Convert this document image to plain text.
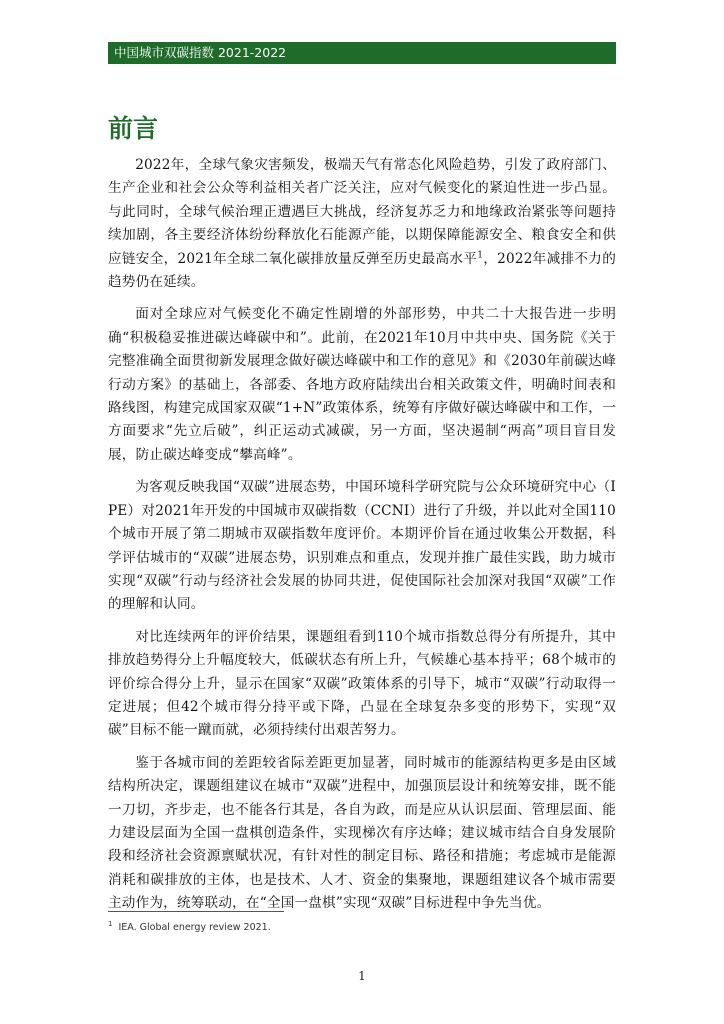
中国城市双碳指数 2021-2022
前言

2022年，全球气象灾害频发，极端天气有常态化风险趋势，引发了政府部门、生产企业和社会公众等利益相关者广泛关注，应对气候变化的紧迫性进一步凸显。与此同时，全球气候治理正遭遇巨大挑战，经济复苏乏力和地缘政治紧张等问题持续加剧，各主要经济体纷纷释放化石能源产能，以期保障能源安全、粮食安全和供应链安全，2021年全球二氧化碳排放量反弹至历史最高水平$^1$，2022年减排不力的趋势仍在延续。

面对全球应对气候变化不确定性剧增的外部形势，中共二十大报告进一步明确“积极稳妥推进碳达峰碳中和”。此前，在2021年10月中共中央、国务院《关于完整准确全面贯彻新发展理念做好碳达峰碳中和工作的意见》和《2030年前碳达峰行动方案》的基础上，各部委、各地方政府陆续出台相关政策文件，明确时间表和路线图，构建完成国家双碳“1+N”政策体系，统筹有序做好碳达峰碳中和工作，一方面要求“先立后破”，纠正运动式减碳，另一方面，坚决遏制“两高”项目盲目发展，防止碳达峰变成“攀高峰”。

为客观反映我国“双碳”进展态势，中国环境科学研究院与公众环境研究中心（IPE）对2021年开发的中国城市双碳指数（CCNI）进行了升级，并以此对全国110个城市开展了第二期城市双碳指数年度评价。本期评价旨在通过收集公开数据，科学评估城市的“双碳”进展态势，识别难点和重点，发现并推广最佳实践，助力城市实现“双碳”行动与经济社会发展的协同共进，促使国际社会加深对我国“双碳”工作的理解和认同。

对比连续两年的评价结果，课题组看到110个城市指数总得分有所提升，其中排放趋势得分上升幅度较大，低碳状态有所上升，气候雄心基本持平；68个城市的评价综合得分上升，显示在国家“双碳”政策体系的引导下，城市“双碳”行动取得一定进展；但42个城市得分持平或下降，凸显在全球复杂多变的形势下，实现“双碳”目标不能一蹴而就，必须持续付出艰苦努力。

鉴于各城市间的差距较省际差距更加显著，同时城市的能源结构更多是由区域结构所决定，课题组建议在城市“双碳”进程中，加强顶层设计和统筹安排，既不能一刀切，齐步走，也不能各行其是，各自为政，而是应从认识层面、管理层面、能力建设层面为全国一盘棋创造条件，实现梯次有序达峰；建议城市结合自身发展阶段和经济社会资源禀赋状况，有针对性的制定目标、路径和措施；考虑城市是能源消耗和碳排放的主体，也是技术、人才、资金的集聚地，课题组建议各个城市需要主动作为，统筹联动，在“全国一盘棋”实现“双碳”目标进程中争先当优。

$^1$ IEA. Global energy review 2021.
1
